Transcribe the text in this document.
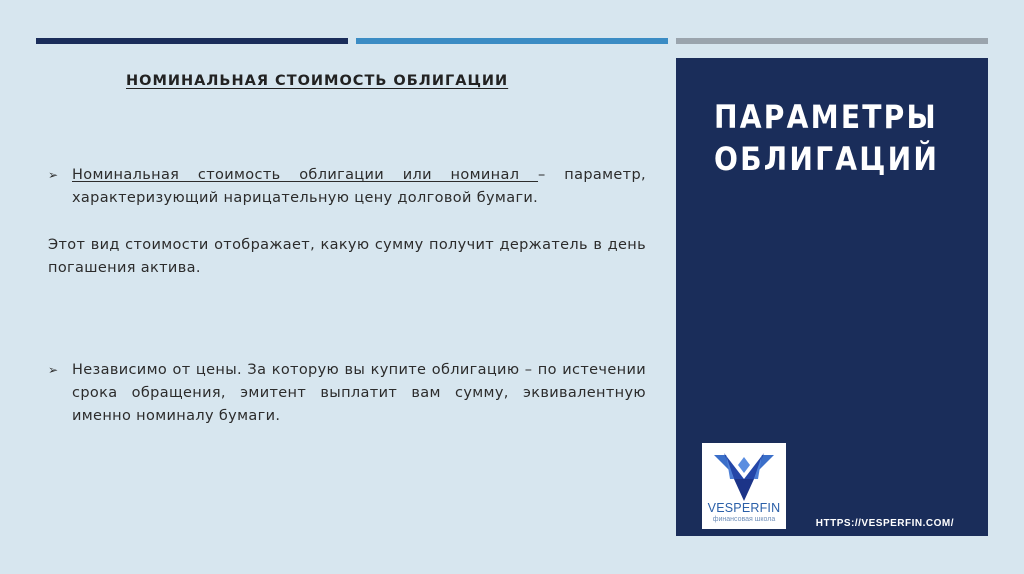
НОМИНАЛЬНАЯ СТОИМОСТЬ ОБЛИГАЦИИ
➢ Номинальная стоимость облигации или номинал – параметр, характеризующий нарицательную цену долговой бумаги.

Этот вид стоимости отображает, какую сумму получит держатель в день погашения актива.

➢ Независимо от цены. За которую вы купите облигацию – по истечении срока обращения, эмитент выплатит вам сумму, эквивалентную именно номиналу бумаги.
ПАРАМЕТРЫ
ОБЛИГАЦИЙ
VESPERFIN
финансовая школа	HTTPS://VESPERFIN.COM/
